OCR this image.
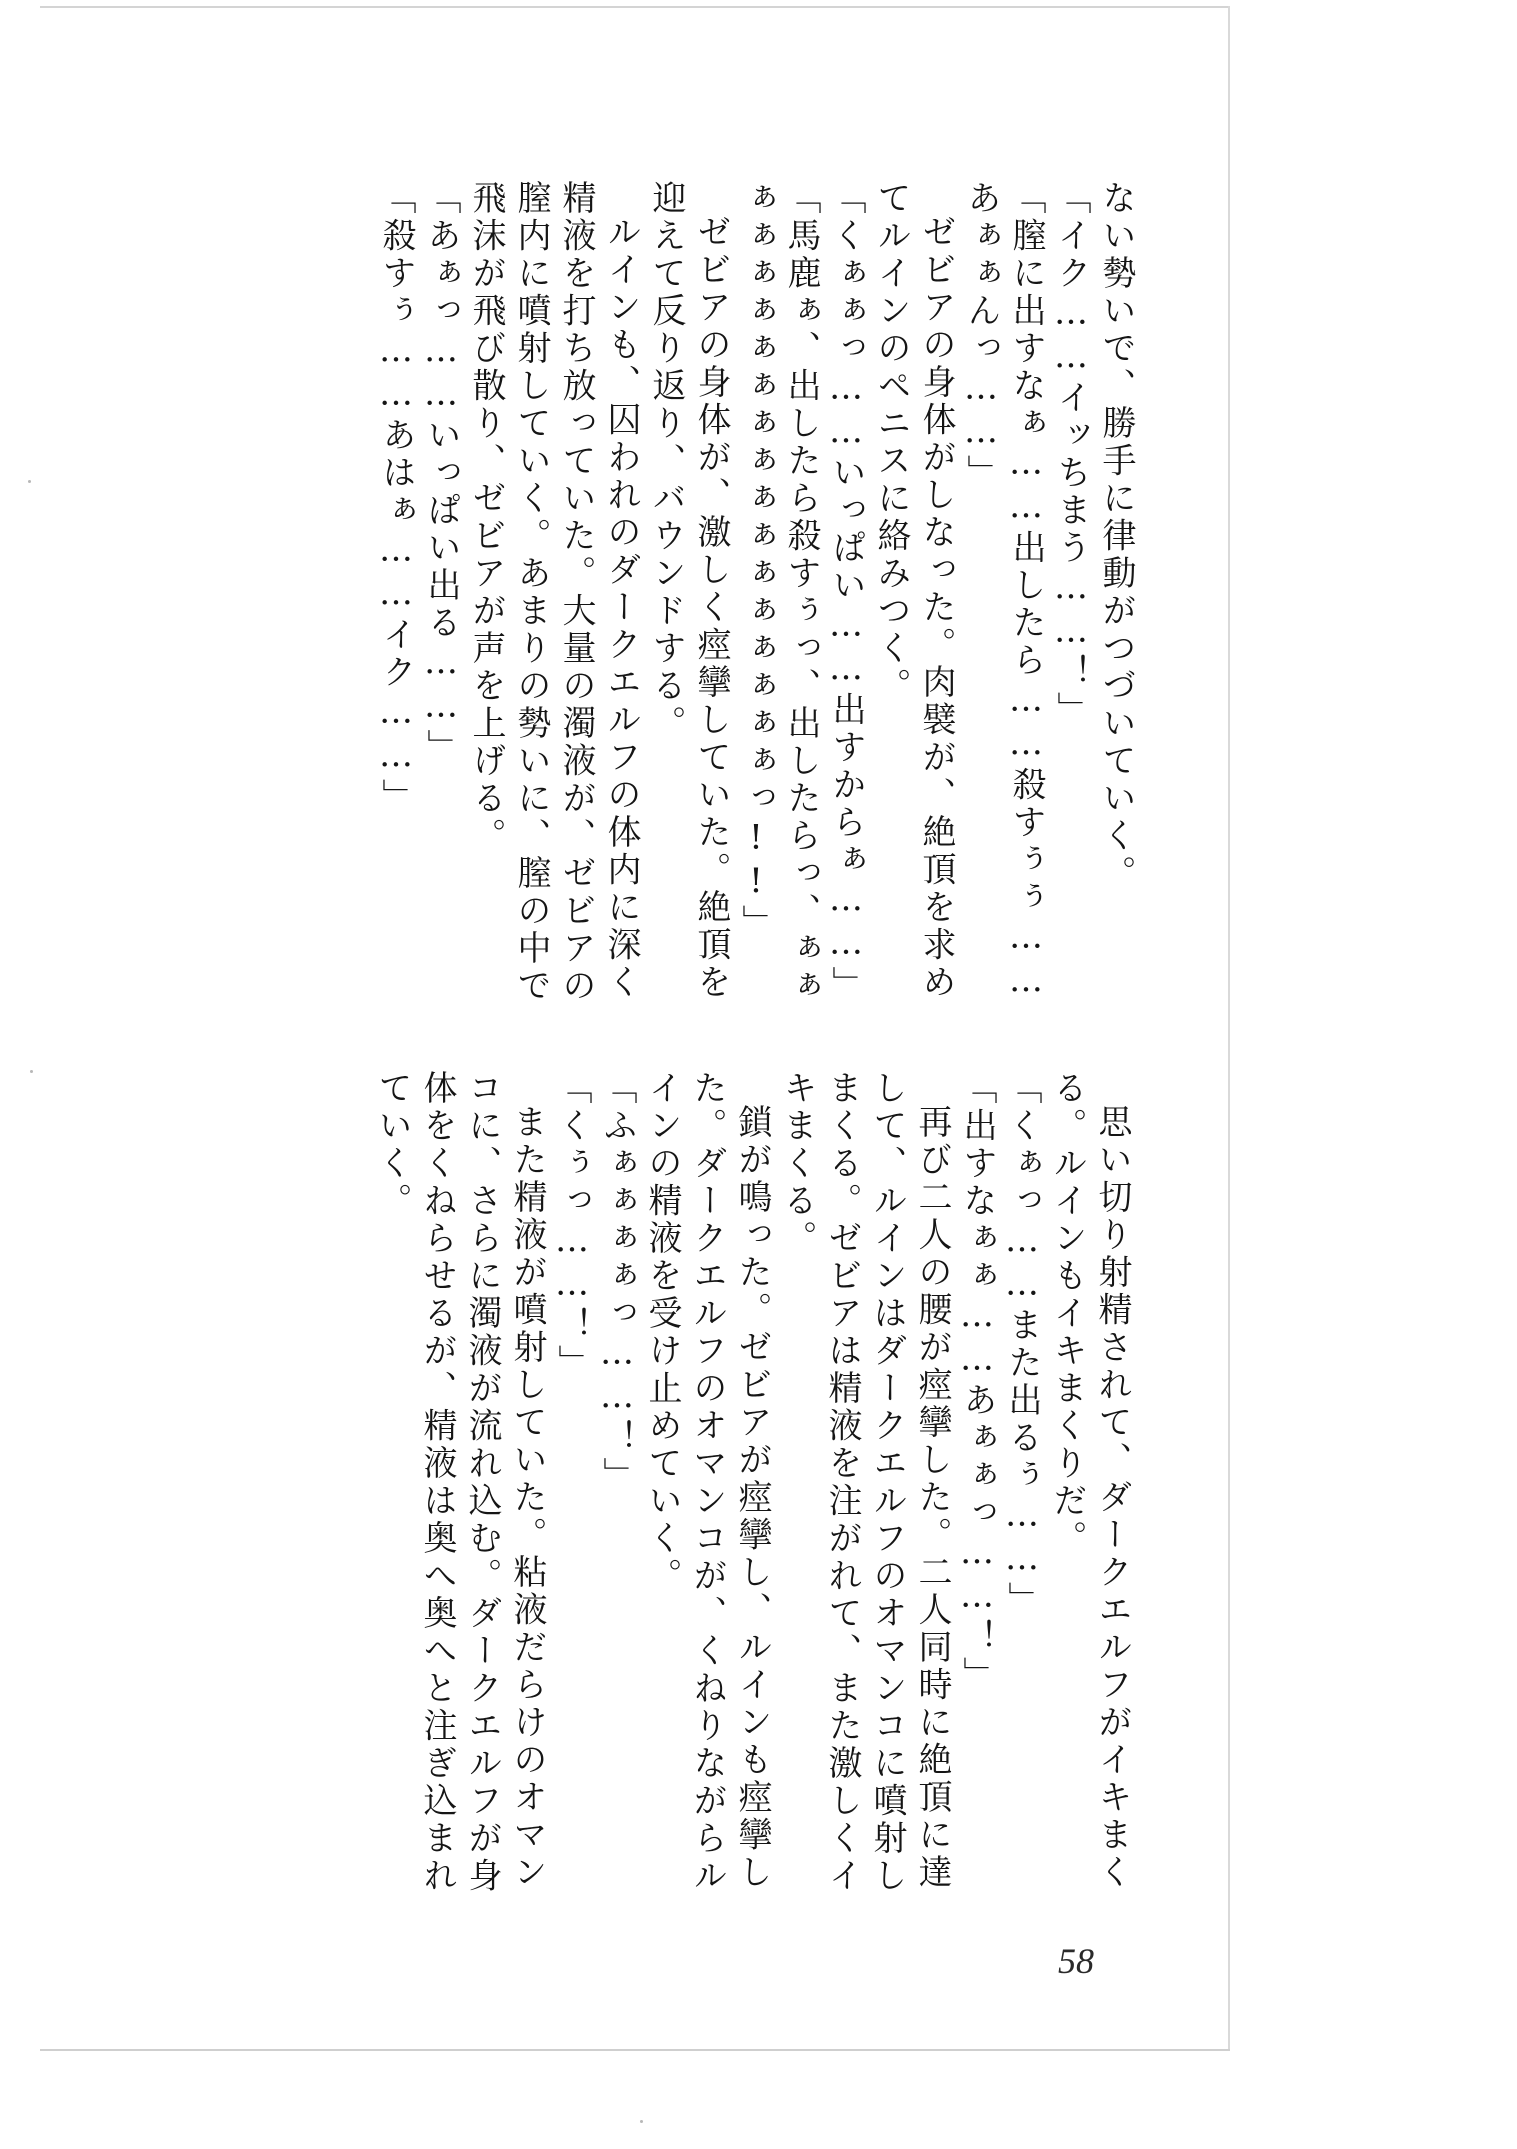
ない勢いで、勝手に律動がつづいていく。

「イク……イッちまう……！」

「膣に出すなぁ……出したら……殺すぅぅ……あぁぁんっ……」

ゼビアの身体がしなった。肉襞が、絶頂を求めてルインのペニスに絡みつく。

「くぁぁっ……いっぱい……出すからぁ……」

「馬鹿ぁ、出したら殺すぅっ、出したらっ、ぁぁぁぁぁぁぁぁぁぁぁぁぁぁぁぁぁぁっ!!」

ゼビアの身体が、激しく痙攣していた。絶頂を迎えて反り返り、バウンドする。

ルインも、囚われのダークエルフの体内に深く精液を打ち放っていた。大量の濁液が、ゼビアの膣内に噴射していく。あまりの勢いに、膣の中で飛沫が飛び散り、ゼビアが声を上げる。

「あぁっ……いっぱい出る……」

「殺すぅ……あはぁ……イク……」

思い切り射精されて、ダークエルフがイキまくる。ルインもイキまくりだ。

「くぁっ……また出るぅ……」

「出すなぁぁ……あぁぁっ……！」

再び二人の腰が痙攣した。二人同時に絶頂に達して、ルインはダークエルフのオマンコに噴射しまくる。ゼビアは精液を注がれて、また激しくイキまくる。

鎖が鳴った。ゼビアが痙攣し、ルインも痙攣した。ダークエルフのオマンコが、くねりながらルインの精液を受け止めていく。

「ふぁぁぁぁっ……！」

「くぅっ……！」

また精液が噴射していた。粘液だらけのオマンコに、さらに濁液が流れ込む。ダークエルフが身体をくねらせるが、精液は奥へ奥へと注ぎ込まれていく。

58
